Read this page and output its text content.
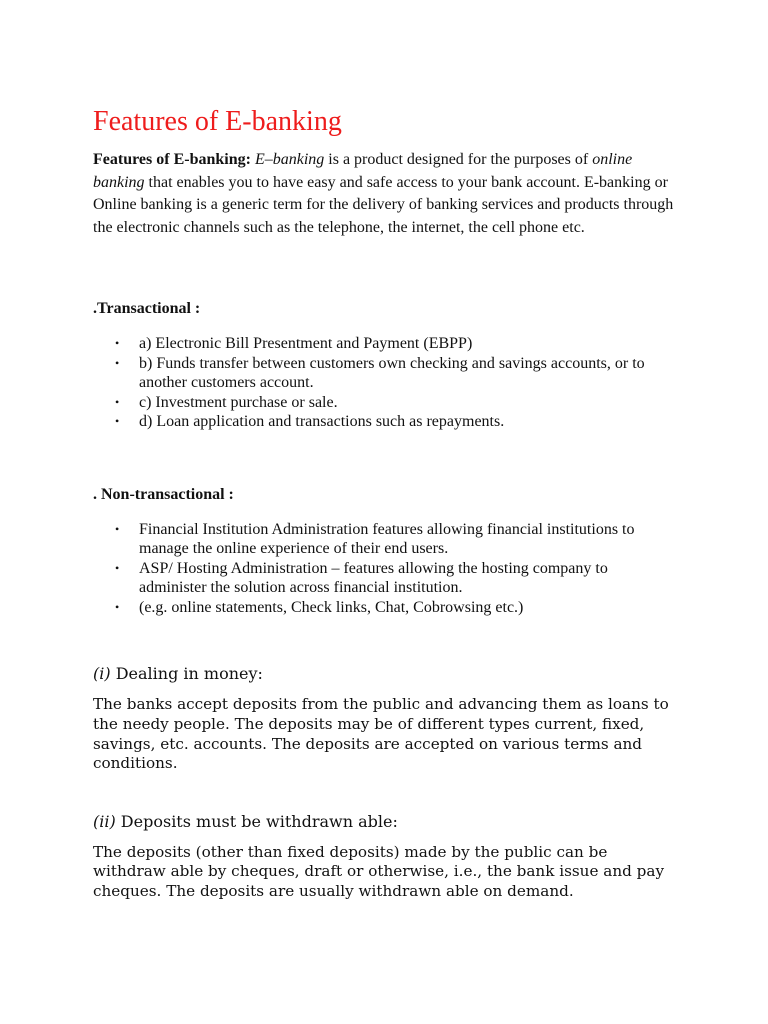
Features of E-banking

Features of E-banking: E–banking is a product designed for the purposes of online banking that enables you to have easy and safe access to your bank account. E-banking or Online banking is a generic term for the delivery of banking services and products through the electronic channels such as the telephone, the internet, the cell phone etc.

.Transactional :

• a) Electronic Bill Presentment and Payment (EBPP)
• b) Funds transfer between customers own checking and savings accounts, or to another customers account.
• c) Investment purchase or sale.
• d) Loan application and transactions such as repayments.

. Non-transactional :

• Financial Institution Administration features allowing financial institutions to manage the online experience of their end users.
• ASP/ Hosting Administration – features allowing the hosting company to administer the solution across financial institution.
• (e.g. online statements, Check links, Chat, Cobrowsing etc.)

(i) Dealing in money:

The banks accept deposits from the public and advancing them as loans to the needy people. The deposits may be of different types current, fixed, savings, etc. accounts. The deposits are accepted on various terms and conditions.

(ii) Deposits must be withdrawn able:

The deposits (other than fixed deposits) made by the public can be withdraw able by cheques, draft or otherwise, i.e., the bank issue and pay cheques. The deposits are usually withdrawn able on demand.
